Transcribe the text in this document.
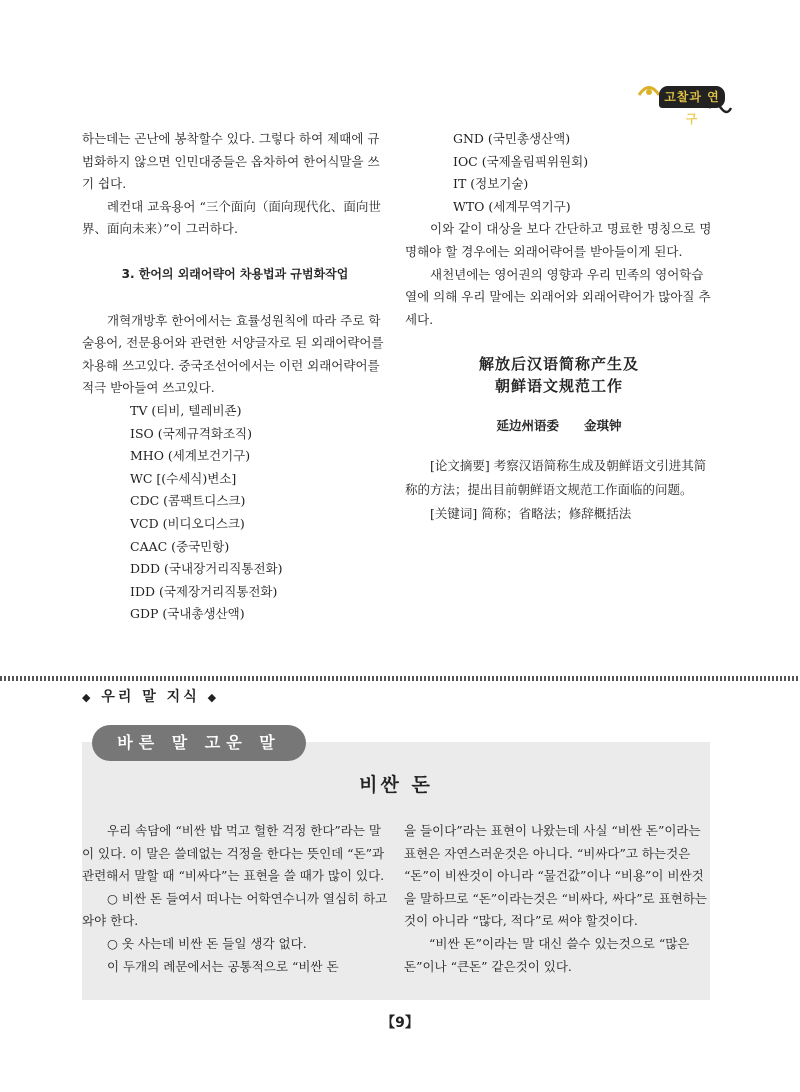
고찰과 연구

하는데는 곤난에 봉착할수 있다. 그렇다 하여 제때에 규범화하지 않으면 인민대중들은 옵차하여 한어식말을 쓰기 쉽다.

례컨대 교육용어 “三个面向（面向现代化、面向世界、面向未来）”이 그러하다.

3. 한어의 외래어략어 차용법과 규범화작업

개혁개방후 한어에서는 효률성원칙에 따라 주로 학술용어, 전문용어와 관련한 서양글자로 된 외래어략어를 차용해 쓰고있다. 중국조선어에서는 이런 외래어략어를 적극 받아들여 쓰고있다.

TV (티비, 텔레비죤)

ISO (국제규격화조직)

MHO (세계보건기구)

WC [(수세식)변소]

CDC (콤팩트디스크)

VCD (비디오디스크)

CAAC (중국민항)

DDD (국내장거리직통전화)

IDD (국제장거리직통전화)

GDP (국내총생산액)

GND (국민총생산액)

IOC (국제올림픽위원회)

IT (정보기술)

WTO (세계무역기구)

이와 같이 대상을 보다 간단하고 명료한 명칭으로 명명해야 할 경우에는 외래어략어를 받아들이게 된다.

새천년에는 영어권의 영향과 우리 민족의 영어학습열에 의해 우리 말에는 외래어와 외래어략어가 많아질 추세다.

解放后汉语简称产生及

朝鲜语文规范工作

延边州语委　　金琪钟

[论文摘要] 考察汉语简称生成及朝鲜语文引进其简称的方法；提出目前朝鲜语文规范工作面临的问题。

[关键词] 简称；省略法；修辞概括法

◆ 우리 말 지식 ◆
바른 말 고운 말
비싼 돈

우리 속담에 “비싼 밥 먹고 헐한 걱정 한다”라는 말이 있다. 이 말은 쓸데없는 걱정을 한다는 뜻인데 “돈”과 관련해서 말할 때 “비싸다”는 표현을 쓸 때가 많이 있다.

○ 비싼 돈 들여서 떠나는 어학연수니까 열심히 하고 와야 한다.

○ 옷 사는데 비싼 돈 들일 생각 없다.

이 두개의 례문에서는 공통적으로 “비싼 돈

을 들이다”라는 표현이 나왔는데 사실 “비싼 돈”이라는 표현은 자연스러운것은 아니다. “비싸다”고 하는것은 “돈”이 비싼것이 아니라 “물건값”이나 “비용”이 비싼것을 말하므로 “돈”이라는것은 “비싸다, 싸다”로 표현하는것이 아니라 “많다, 적다”로 써야 할것이다.

“비싼 돈”이라는 말 대신 쓸수 있는것으로 “많은 돈”이나 “큰돈” 같은것이 있다.

【9】
